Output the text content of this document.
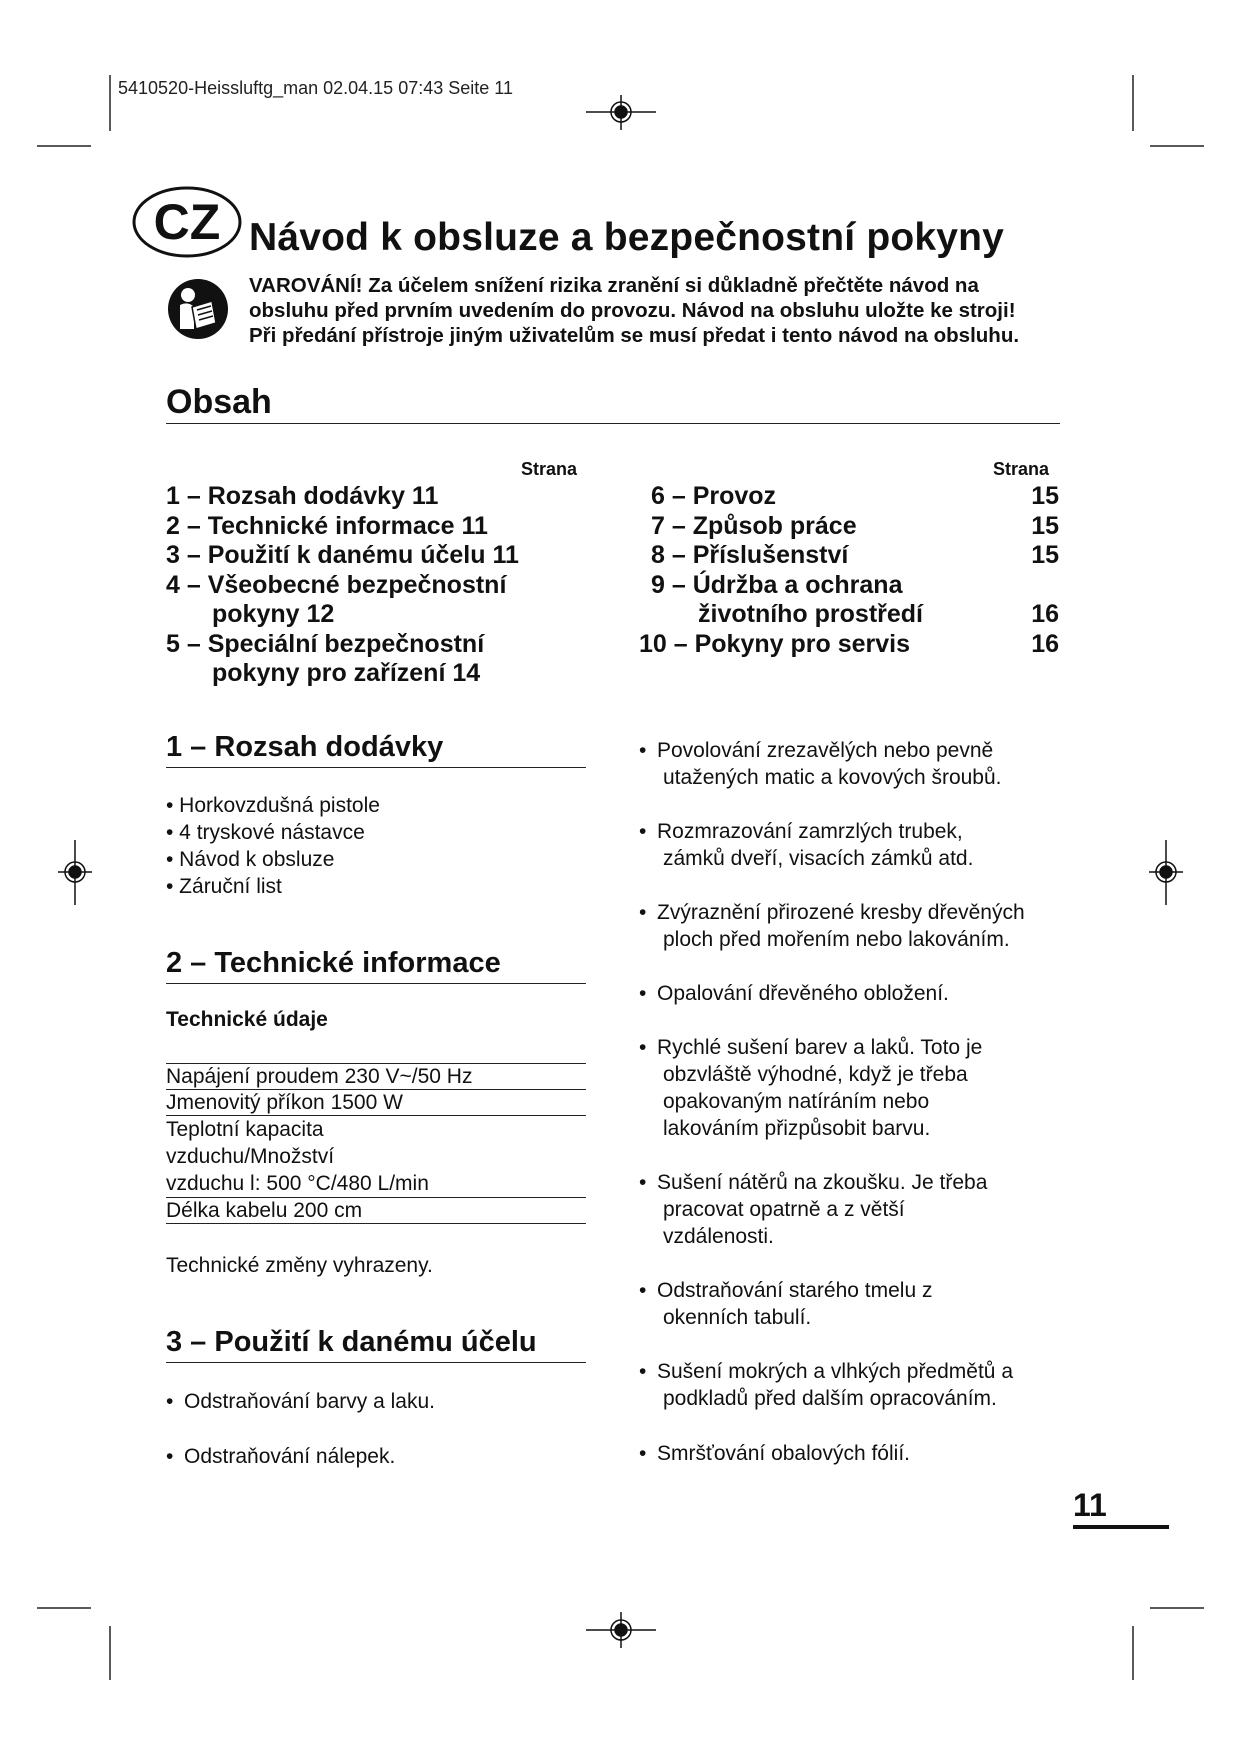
5410520-Heissluftg_man 02.04.15 07:43 Seite 11
CZ Návod k obsluze a bezpečnostní pokyny
VAROVÁNÍ! Za účelem snížení rizika zranění si důkladně přečtěte návod na
obsluhu před prvním uvedením do provozu. Návod na obsluhu uložte ke stroji!
Při předání přístroje jiným uživatelům se musí předat i tento návod na obsluhu.
Obsah
Strana	Strana
1 – Rozsah dodávky 11
2 – Technické informace 11
3 – Použití k danému účelu 11
4 – Všeobecné bezpečnostní
pokyny 12
5 – Speciální bezpečnostní
pokyny pro zařízení 14
6 – Provoz	15
7 – Způsob práce	15
8 – Příslušenství	15
9 – Údržba a ochrana
životního prostředí	16
10 – Pokyny pro servis	16
1 – Rozsah dodávky
• Horkovzdušná pistole
• 4 tryskové nástavce
• Návod k obsluze
• Záruční list
2 – Technické informace
Technické údaje
Napájení proudem 230 V~/50 Hz
Jmenovitý příkon 1500 W
Teplotní kapacita
vzduchu/Množství
vzduchu l: 500 °C/480 L/min
Délka kabelu 200 cm
Technické změny vyhrazeny.
3 – Použití k danému účelu
• Odstraňování barvy a laku.
• Odstraňování nálepek.
• Povolování zrezavělých nebo pevně
utažených matic a kovových šroubů.
• Rozmrazování zamrzlých trubek,
zámků dveří, visacích zámků atd.
• Zvýraznění přirozené kresby dřevěných
ploch před mořením nebo lakováním.
• Opalování dřevěného obložení.
• Rychlé sušení barev a laků. Toto je
obzvláště výhodné, když je třeba
opakovaným natíráním nebo
lakováním přizpůsobit barvu.
• Sušení nátěrů na zkoušku. Je třeba
pracovat opatrně a z větší
vzdálenosti.
• Odstraňování starého tmelu z
okenních tabulí.
• Sušení mokrých a vlhkých předmětů a
podkladů před dalším opracováním.
• Smršťování obalových fólií.
11
